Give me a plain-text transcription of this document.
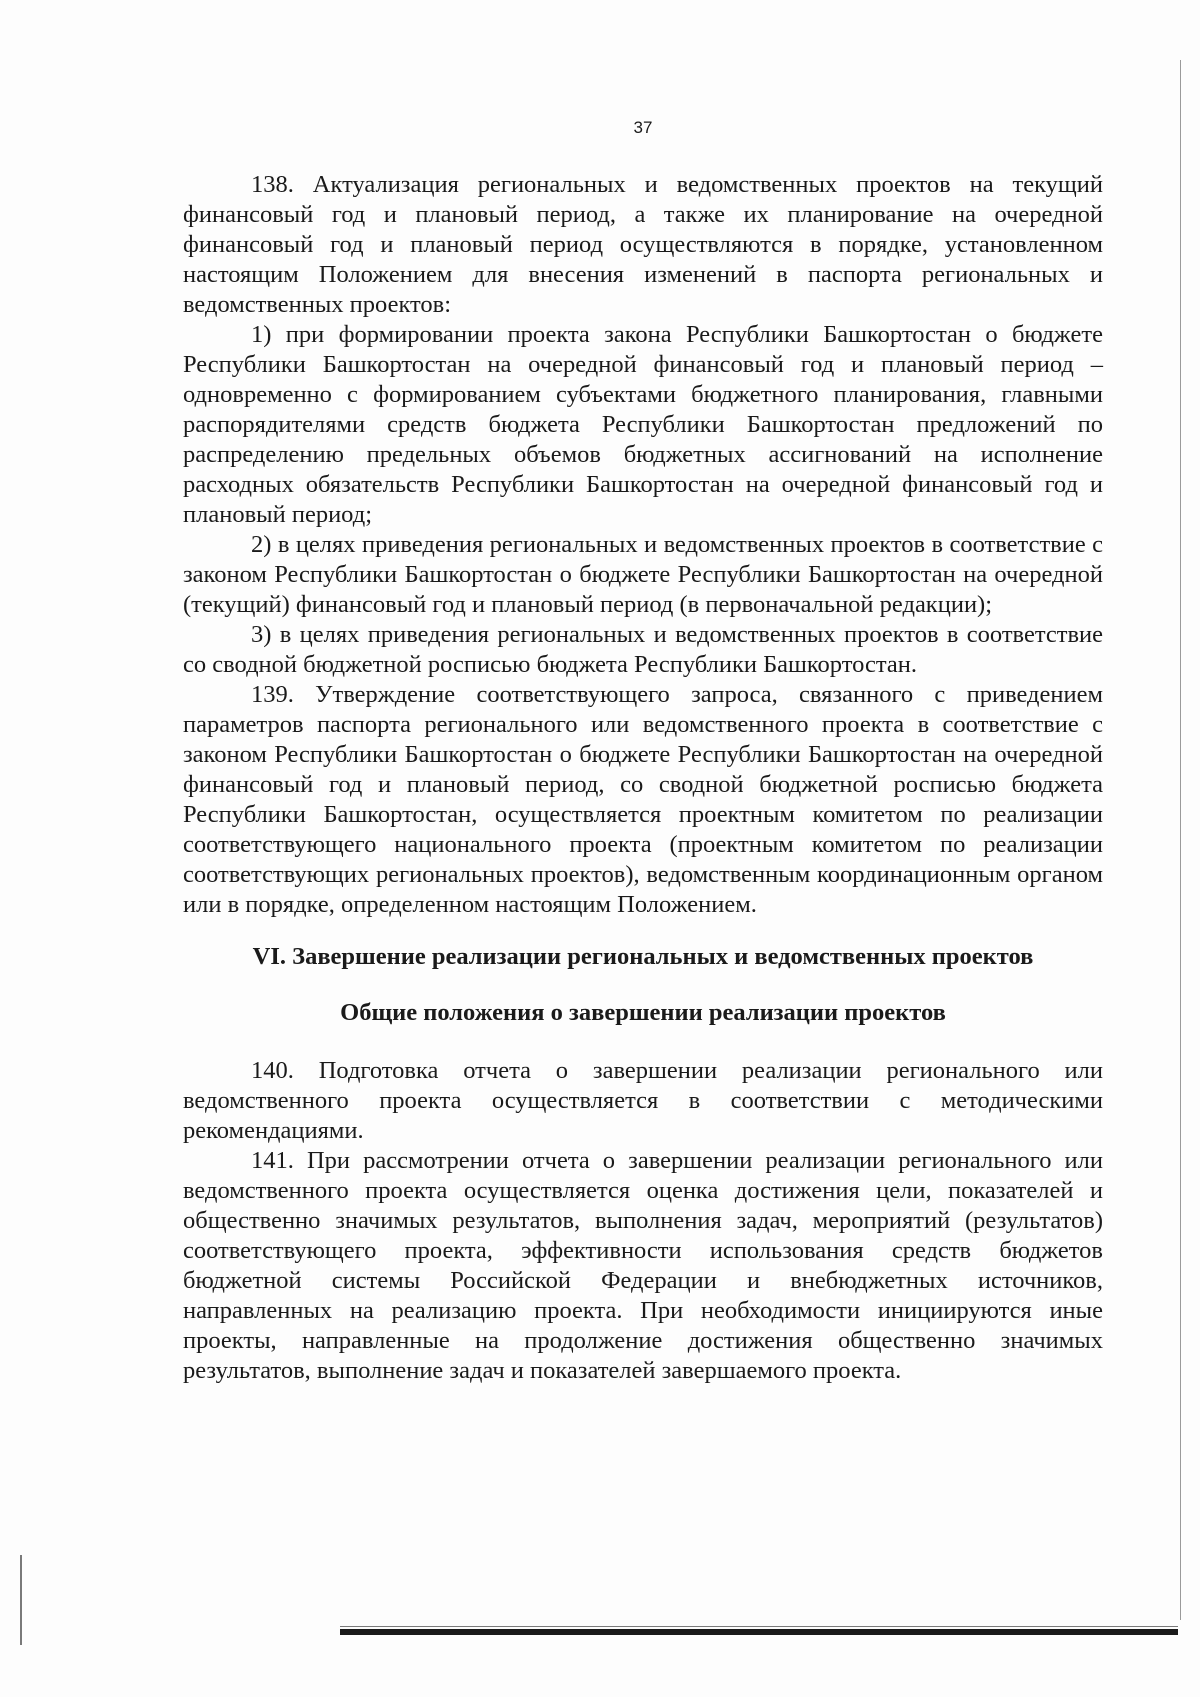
37

138. Актуализация региональных и ведомственных проектов на текущий финансовый год и плановый период, а также их планирование на очередной финансовый год и плановый период осуществляются в порядке, установленном настоящим Положением для внесения изменений в паспорта региональных и ведомственных проектов:

1) при формировании проекта закона Республики Башкортостан о бюджете Республики Башкортостан на очередной финансовый год и плановый период – одновременно с формированием субъектами бюджетного планирования, главными распорядителями средств бюджета Республики Башкортостан предложений по распределению предельных объемов бюджетных ассигнований на исполнение расходных обязательств Республики Башкортостан на очередной финансовый год и плановый период;

2) в целях приведения региональных и ведомственных проектов в соответствие с законом Республики Башкортостан о бюджете Республики Башкортостан на очередной (текущий) финансовый год и плановый период (в первоначальной редакции);

3) в целях приведения региональных и ведомственных проектов в соответствие со сводной бюджетной росписью бюджета Республики Башкортостан.

139. Утверждение соответствующего запроса, связанного с приведением параметров паспорта регионального или ведомственного проекта в соответствие с законом Республики Башкортостан о бюджете Республики Башкортостан на очередной финансовый год и плановый период, со сводной бюджетной росписью бюджета Республики Башкортостан, осуществляется проектным комитетом по реализации соответствующего национального проекта (проектным комитетом по реализации соответствующих региональных проектов), ведомственным координационным органом или в порядке, определенном настоящим Положением.

VI. Завершение реализации региональных и ведомственных проектов
Общие положения о завершении реализации проектов

140. Подготовка отчета о завершении реализации регионального или ведомственного проекта осуществляется в соответствии с методическими рекомендациями.

141. При рассмотрении отчета о завершении реализации регионального или ведомственного проекта осуществляется оценка достижения цели, показателей и общественно значимых результатов, выполнения задач, мероприятий (результатов) соответствующего проекта, эффективности использования средств бюджетов бюджетной системы Российской Федерации и внебюджетных источников, направленных на реализацию проекта. При необходимости инициируются иные проекты, направленные на продолжение достижения общественно значимых результатов, выполнение задач и показателей завершаемого проекта.
